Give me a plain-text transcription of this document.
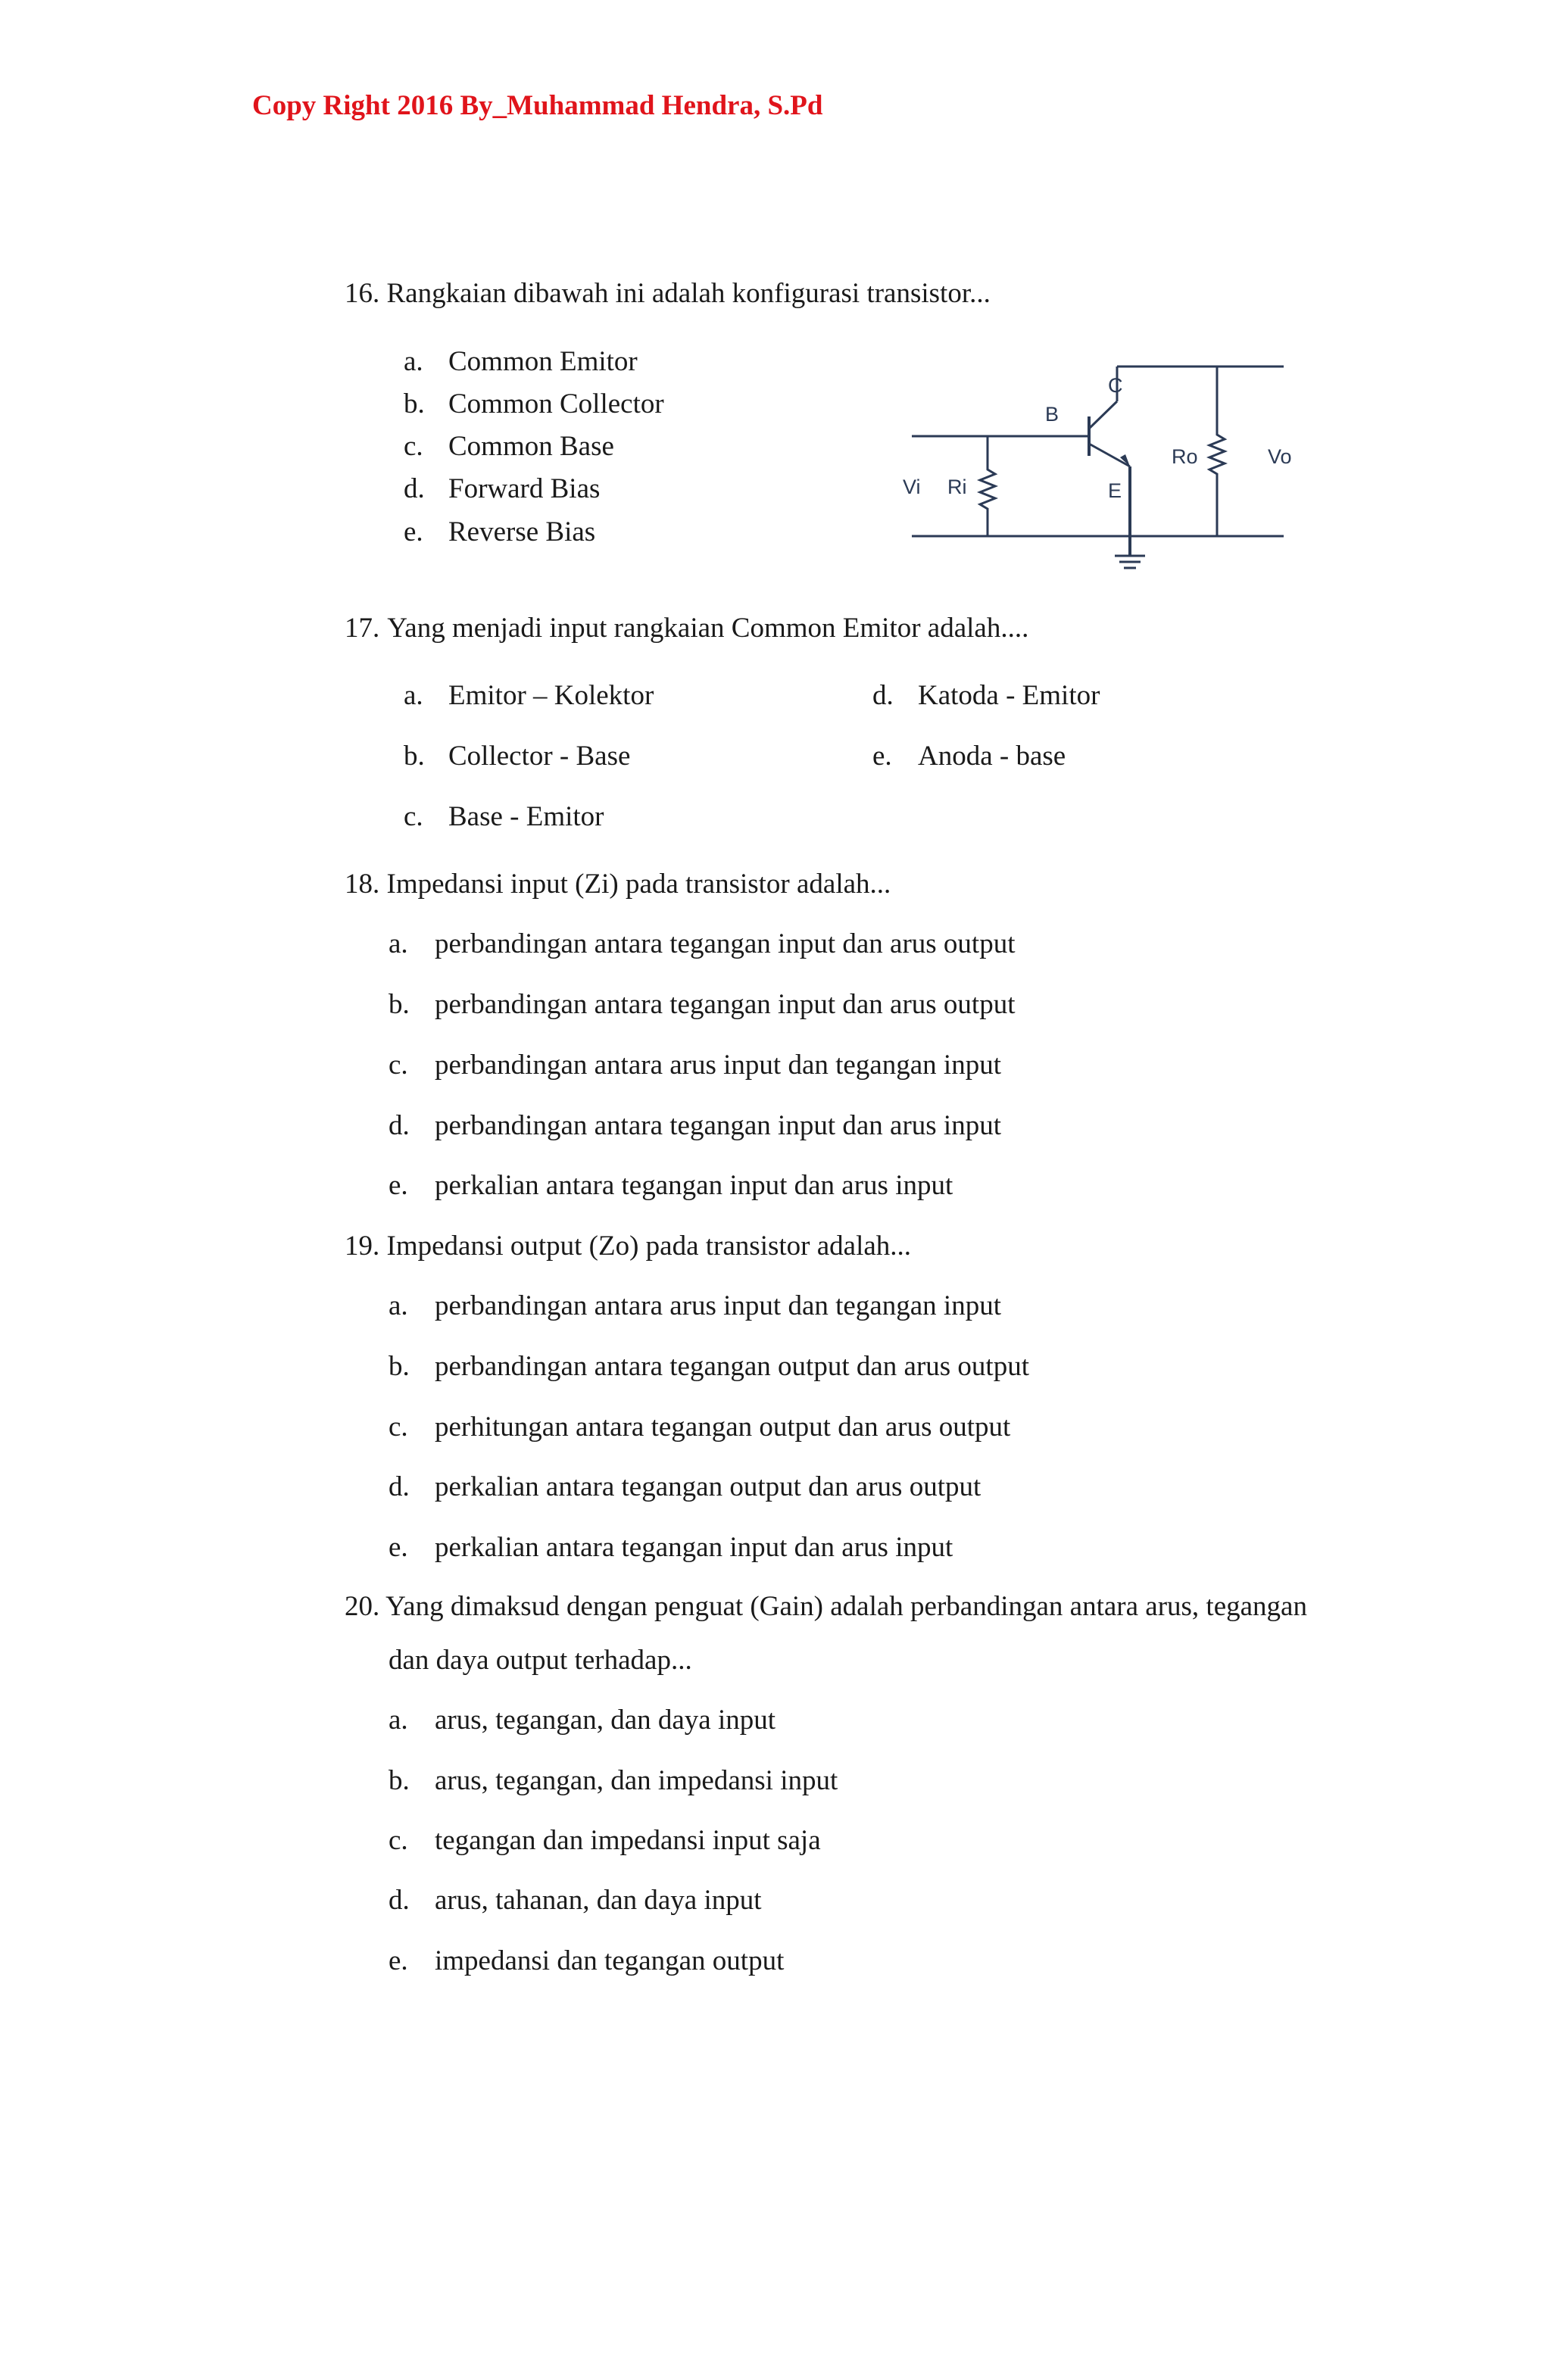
Copy Right 2016 By_Muhammad Hendra, S.Pd
16. Rangkaian dibawah ini adalah konfigurasi transistor...
a. Common Emitor
b. Common Collector
c. Common Base
d. Forward Bias
e. Reverse Bias
Vi Ri
B
C
E
Ro	Vo
17. Yang menjadi input rangkaian Common Emitor adalah....
a. Emitor – Kolektor
b. Collector - Base
c. Base - Emitor
d. Katoda - Emitor
e. Anoda - base
18. Impedansi input (Zi) pada transistor adalah...
a. perbandingan antara tegangan input dan arus output
b. perbandingan antara tegangan input dan arus output
c. perbandingan antara arus input dan tegangan input
d. perbandingan antara tegangan input dan arus input
e. perkalian antara tegangan input dan arus input
19. Impedansi output (Zo) pada transistor adalah...
a. perbandingan antara arus input dan tegangan input
b. perbandingan antara tegangan output dan arus output
c. perhitungan antara tegangan output dan arus output
d. perkalian antara tegangan output dan arus output
e. perkalian antara tegangan input dan arus input
20. Yang dimaksud dengan penguat (Gain) adalah perbandingan antara arus, tegangan
dan daya output terhadap...
a. arus, tegangan, dan daya input
b. arus, tegangan, dan impedansi input
c. tegangan dan impedansi input saja
d. arus, tahanan, dan daya input
e. impedansi dan tegangan output
